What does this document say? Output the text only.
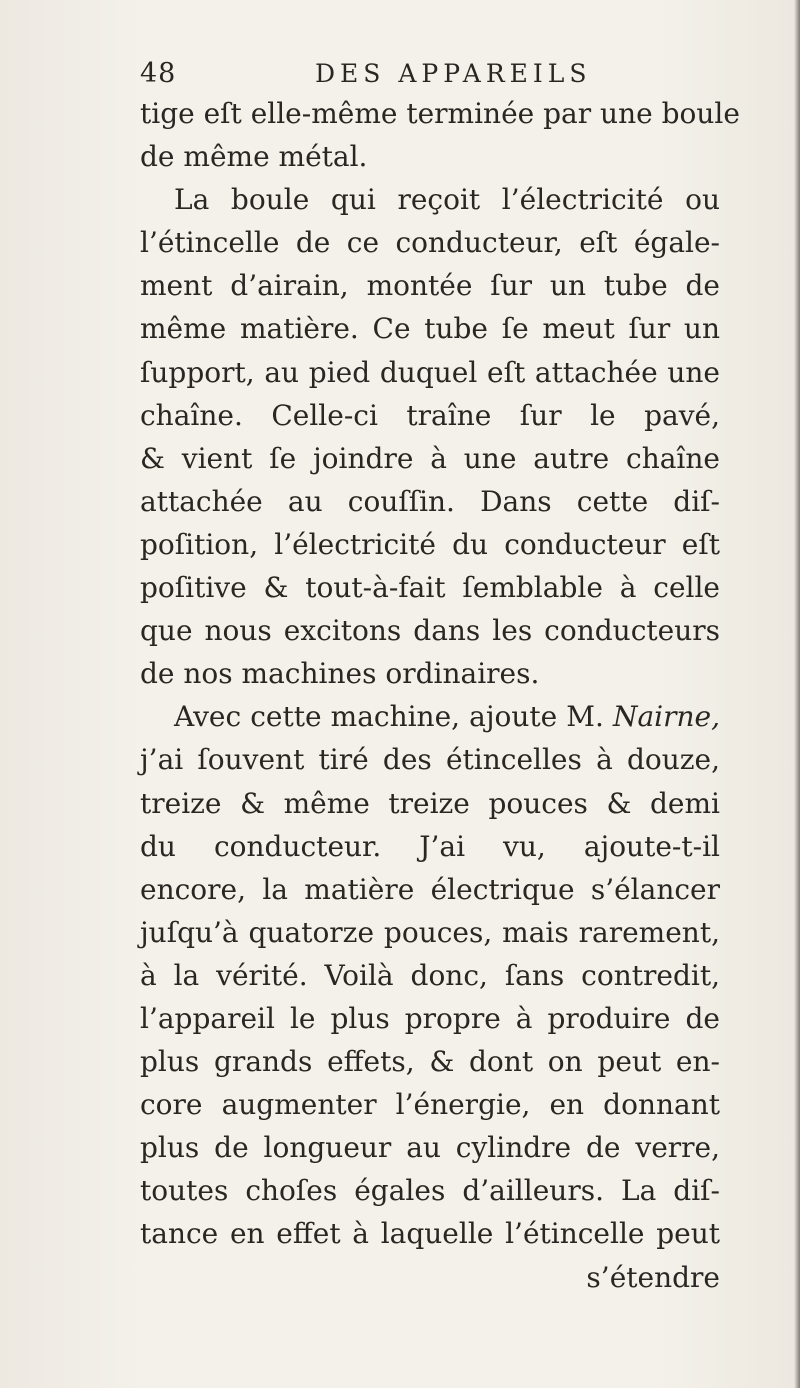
48	DES APPAREILS
tige eſt elle-même terminée par une boule
de même métal.
La boule qui reçoit l’électricité ou
l’étincelle de ce conducteur, eſt égale-
ment d’airain, montée ſur un tube de
même matière. Ce tube ſe meut ſur un
ſupport, au pied duquel eſt attachée une
chaîne. Celle-ci traîne ſur le pavé,
& vient ſe joindre à une autre chaîne
attachée au couſſin. Dans cette diſ-
poſition, l’électricité du conducteur eſt
poſitive & tout-à-fait ſemblable à celle
que nous excitons dans les conducteurs
de nos machines ordinaires.
Avec cette machine, ajoute M. Nairne,
j’ai ſouvent tiré des étincelles à douze,
treize & même treize pouces & demi
du conducteur. J’ai vu, ajoute-t-il
encore, la matière électrique s’élancer
juſqu’à quatorze pouces, mais rarement,
à la vérité. Voilà donc, ſans contredit,
l’appareil le plus propre à produire de
plus grands effets, & dont on peut en-
core augmenter l’énergie, en donnant
plus de longueur au cylindre de verre,
toutes choſes égales d’ailleurs. La diſ-
tance en effet à laquelle l’étincelle peut
s’étendre
